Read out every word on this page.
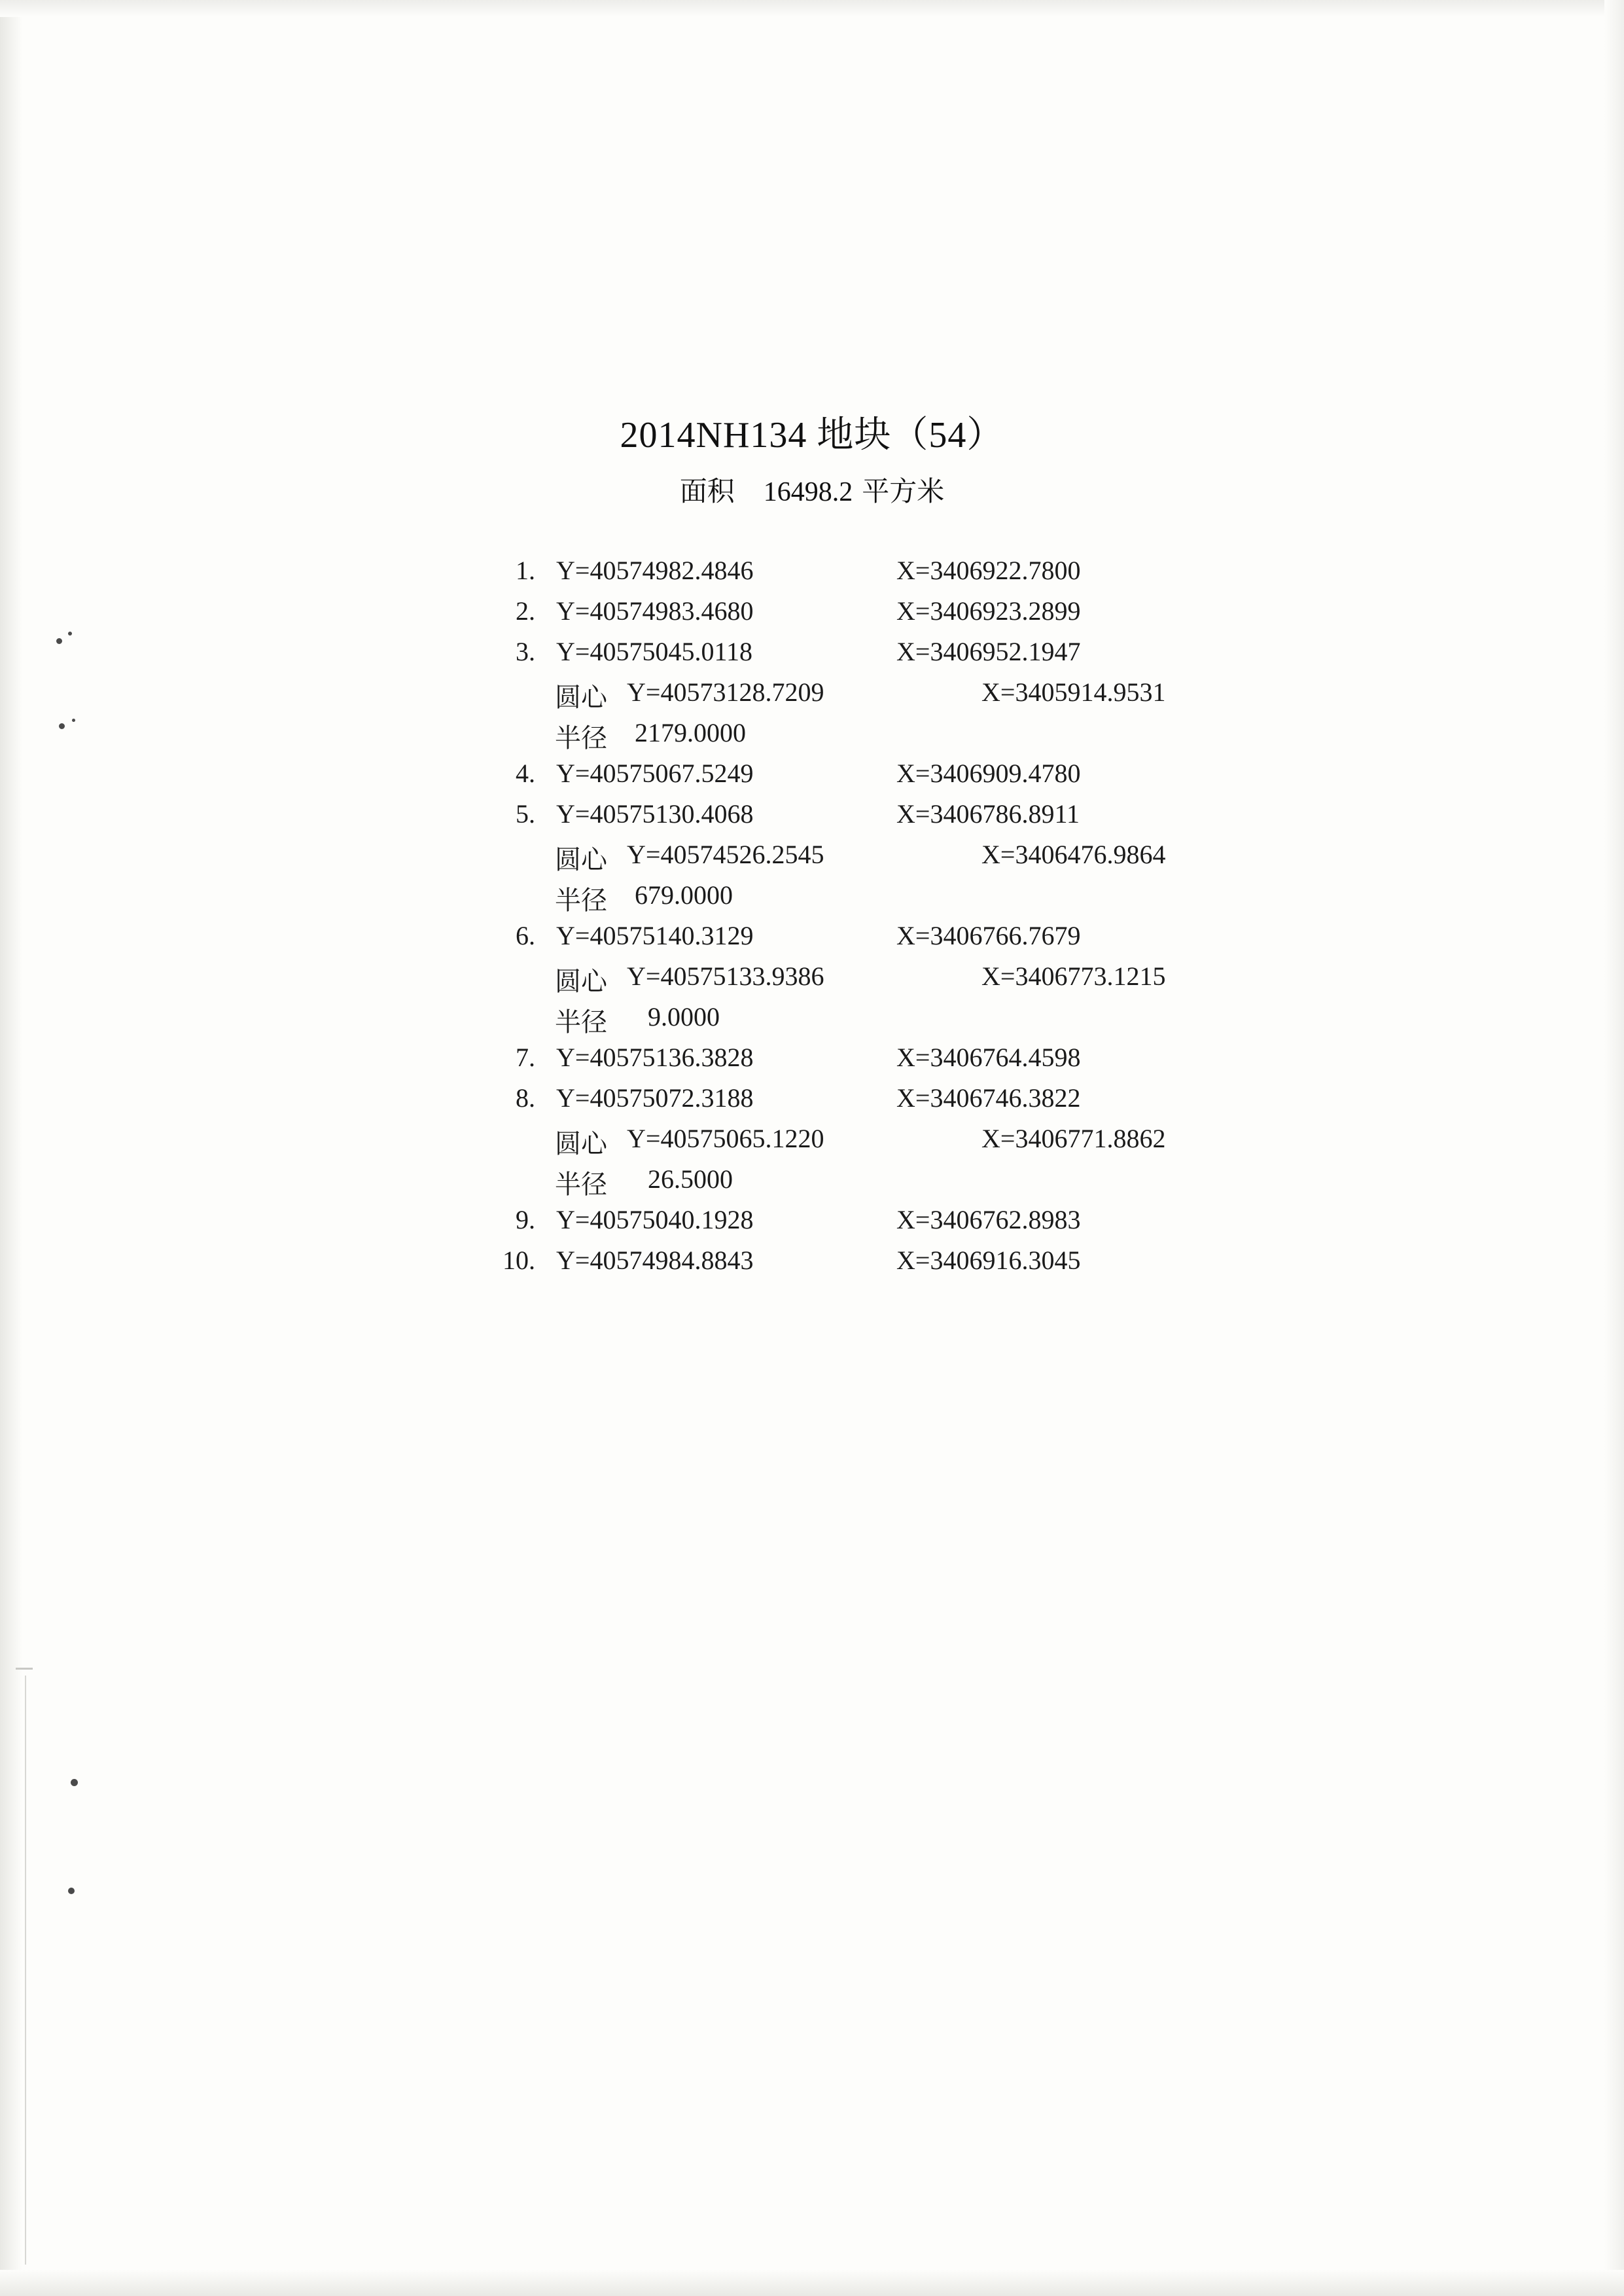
2014NH134 地块（54）
面积 16498.2 平方米
1. Y=40574982.4846	X=3406922.7800
2. Y=40574983.4680	X=3406923.2899
3. Y=40575045.0118	X=3406952.1947
圆心 Y=40573128.7209	X=3405914.9531
半径 2179.0000
4. Y=40575067.5249	X=3406909.4780
5. Y=40575130.4068	X=3406786.8911
圆心 Y=40574526.2545	X=3406476.9864
半径 679.0000
6. Y=40575140.3129	X=3406766.7679
圆心 Y=40575133.9386	X=3406773.1215
半径 9.0000
7. Y=40575136.3828	X=3406764.4598
8. Y=40575072.3188	X=3406746.3822
圆心 Y=40575065.1220	X=3406771.8862
半径 26.5000
9. Y=40575040.1928	X=3406762.8983
10. Y=40574984.8843	X=3406916.3045
